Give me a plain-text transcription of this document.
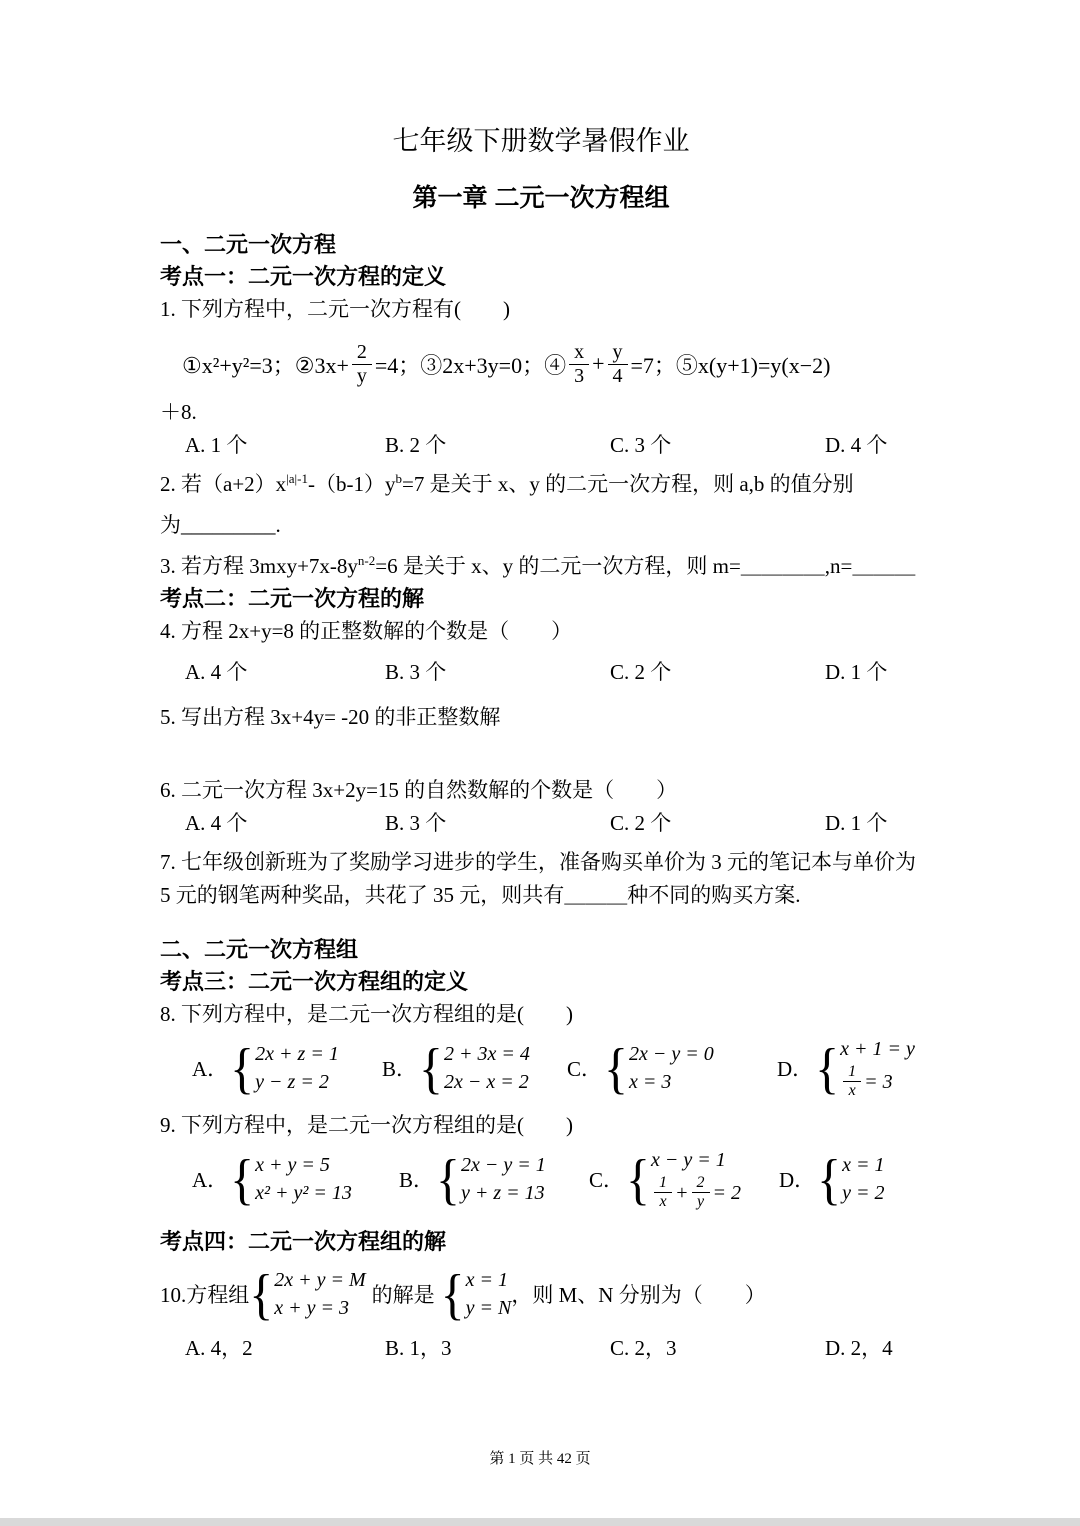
七年级下册数学暑假作业
第一章 二元一次方程组
一、二元一次方程
考点一：二元一次方程的定义
1. 下列方程中，二元一次方程有(　　)
①x²+y²=3；②3x+ $\frac{2}{y} =4$；③2x+3y=0；④ $\frac{x}{3} + \frac{y}{4} =7$；⑤x(y+1)=y(x−2)
＋8.
A. 1 个	B. 2 个	C. 3 个	D. 4 个
2. 若$(a+2)x^{|a|-1}-(b-1)y^b=7$ 是关于 x、y 的二元一次方程，则 a,b 的值分别
为_________.
3. 若方程 $3mxy+7x-8y^{n-2}=6$ 是关于 x、y 的二元一次方程，则 m=＿＿＿＿,n=＿＿＿
考点二：二元一次方程的解
4. 方程 2x+y=8 的正整数解的个数是（　　）
A. 4 个	B. 3 个	C. 2 个	D. 1 个
5. 写出方程 3x+4y= -20 的非正整数解
6. 二元一次方程 3x+2y=15 的自然数解的个数是（　　）
A. 4 个	B. 3 个	C. 2 个	D. 1 个
7. 七年级创新班为了奖励学习进步的学生，准备购买单价为 3 元的笔记本与单价为 5 元的钢笔两种奖品，共花了 35 元，则共有＿＿＿种不同的购买方案.
二、二元一次方程组
考点三：二元一次方程组的定义
8. 下列方程中，是二元一次方程组的是(　　)
A． { 2x + z = 1
y − z = 2
B． { 2 + 3x = 4
2x − x = 2
C． { 2x − y = 0
x = 3
D． { x + 1 = y
$\frac{1}{x} = 3$
9. 下列方程中，是二元一次方程组的是(　　)
A． { x + y = 5
x² + y² = 13
B． { 2x − y = 1
y + z = 13
C． { x − y = 1
$\frac{1}{x} + \frac{2}{y} = 2$
D． { x = 1
y = 2
考点四：二元一次方程组的解
10.方程组 { 2x + y = M
x + y = 3
的解是 { x = 1
y = N
，则 M、N 分别为（　　）
A. 4，2	B. 1，3	C. 2，3	D. 2，4
第 1 页 共 42 页
